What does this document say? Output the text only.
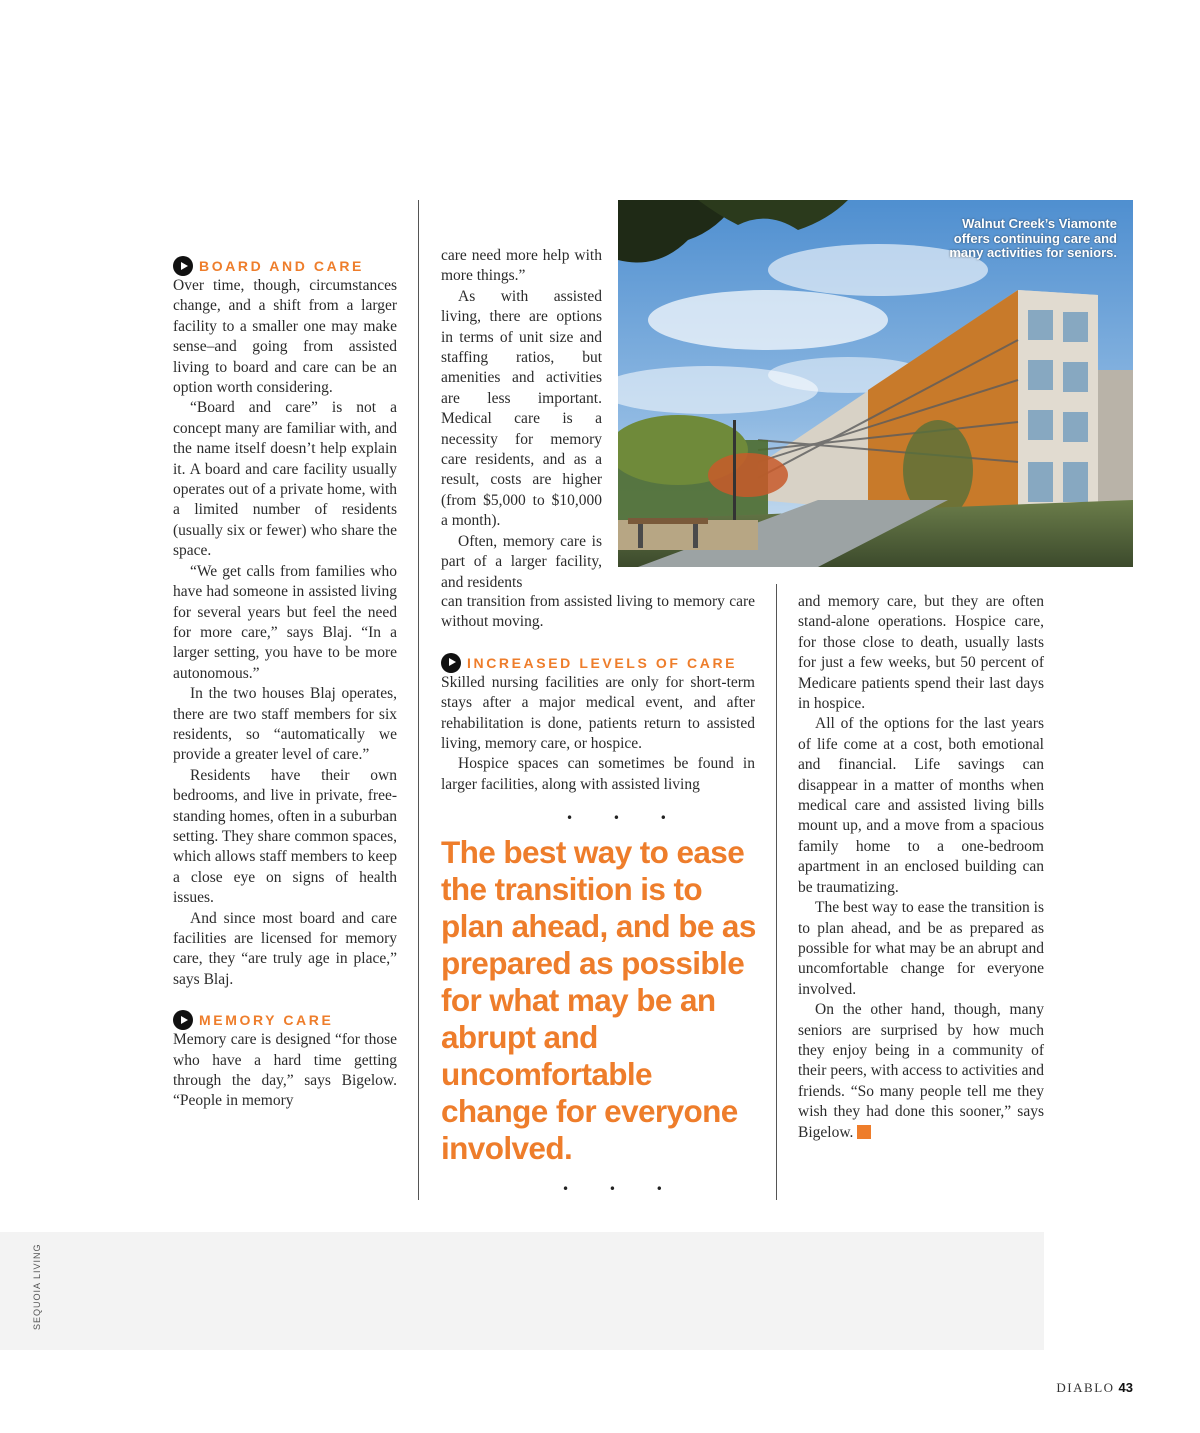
BOARD AND CARE

Over time, though, circumstances change, and a shift from a larger facility to a smaller one may make sense–and going from assisted living to board and care can be an option worth considering.

“Board and care” is not a concept many are familiar with, and the name itself doesn’t help explain it. A board and care facility usually operates out of a private home, with a limited number of residents (usually six or fewer) who share the space.

“We get calls from families who have had someone in assisted living for several years but feel the need for more care,” says Blaj. “In a larger setting, you have to be more autonomous.”

In the two houses Blaj operates, there are two staff members for six residents, so “automatically we provide a greater level of care.”

Residents have their own bedrooms, and live in private, free-standing homes, often in a suburban setting. They share common spaces, which allows staff members to keep a close eye on signs of health issues.

And since most board and care facilities are licensed for memory care, they “are truly age in place,” says Blaj.

MEMORY CARE

Memory care is designed “for those who have a hard time getting through the day,” says Bigelow. “People in memory

care need more help with more things.”

As with assisted living, there are options in terms of unit size and staffing ratios, but amenities and activities are less important. Medical care is a necessity for memory care residents, and as a result, costs are higher (from $5,000 to $10,000 a month).

Often, memory care is part of a larger facility, and residents

can transition from assisted living to memory care without moving.

INCREASED LEVELS OF CARE

Skilled nursing facilities are only for short-term stays after a major medical event, and after rehabilitation is done, patients return to assisted living, memory care, or hospice.

Hospice spaces can sometimes be found in larger facilities, along with assisted living

• • •
The best way to ease the transition is to plan ahead, and be as prepared as possible for what may be an abrupt and uncomfortable change for everyone involved.
• • •

and memory care, but they are often stand-alone operations. Hospice care, for those close to death, usually lasts for just a few weeks, but 50 percent of Medicare patients spend their last days in hospice.

All of the options for the last years of life come at a cost, both emotional and financial. Life savings can disappear in a matter of months when medical care and assisted living bills mount up, and a move from a spacious family home to a one-bedroom apartment in an enclosed building can be traumatizing.

The best way to ease the transition is to plan ahead, and be as prepared as possible for what may be an abrupt and uncomfortable change for everyone involved.

On the other hand, though, many seniors are surprised by how much they enjoy being in a community of their peers, with access to activities and friends. “So many people tell me they wish they had done this sooner,” says Bigelow.

Walnut Creek’s Viamonte offers continuing care and many activities for seniors.
SEQUOIA LIVING
DIABLO 43
